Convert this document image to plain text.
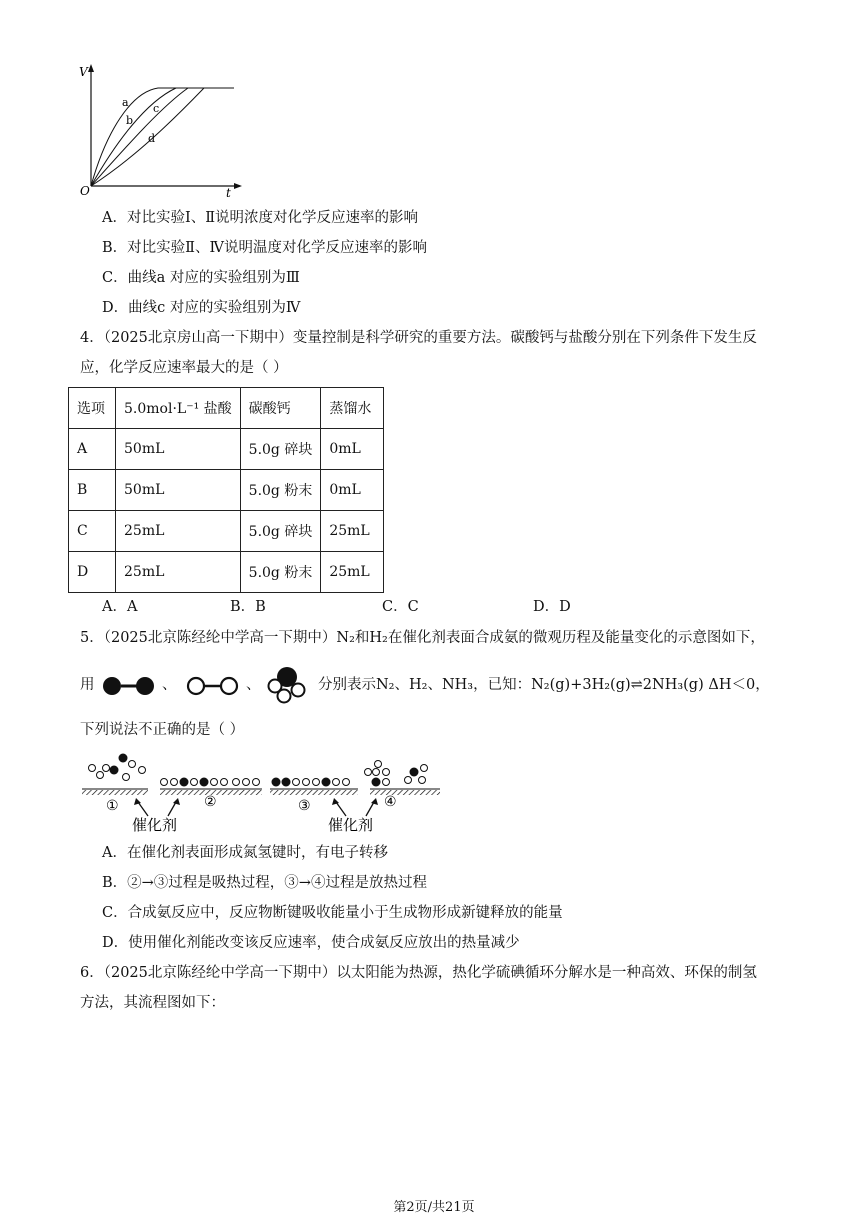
V
t
O
a
b
c
d
A．对比实验Ⅰ、Ⅱ说明浓度对化学反应速率的影响
B．对比实验Ⅱ、Ⅳ说明温度对化学反应速率的影响
C．曲线a 对应的实验组别为Ⅲ
D．曲线c 对应的实验组别为Ⅳ
4．（2025北京房山高一下期中）变量控制是科学研究的重要方法。碳酸钙与盐酸分别在下列条件下发生反
应，化学反应速率最大的是（ ）
选项	5.0mol·L⁻¹ 盐酸	碳酸钙	蒸馏水
A	50mL	5.0g 碎块	0mL
B	50mL	5.0g 粉末	0mL
C	25mL	5.0g 碎块	25mL
D	25mL	5.0g 粉末	25mL
A．A	B．B	C．C	D．D
5．（2025北京陈经纶中学高一下期中）N₂和H₂在催化剂表面合成氨的微观历程及能量变化的示意图如下，
用	、	、	分别表示N₂、H₂、NH₃，已知：N₂(g)+3H₂(g)⇌2NH₃(g) ΔH＜0，
下列说法不正确的是（ ）
①	②	③	④
催化剂	催化剂
A．在催化剂表面形成氮氢键时，有电子转移
B．②→③过程是吸热过程，③→④过程是放热过程
C．合成氨反应中，反应物断键吸收能量小于生成物形成新键释放的能量
D．使用催化剂能改变该反应速率，使合成氨反应放出的热量减少
6．（2025北京陈经纶中学高一下期中）以太阳能为热源，热化学硫碘循环分解水是一种高效、环保的制氢
方法，其流程图如下：
第2页/共21页
